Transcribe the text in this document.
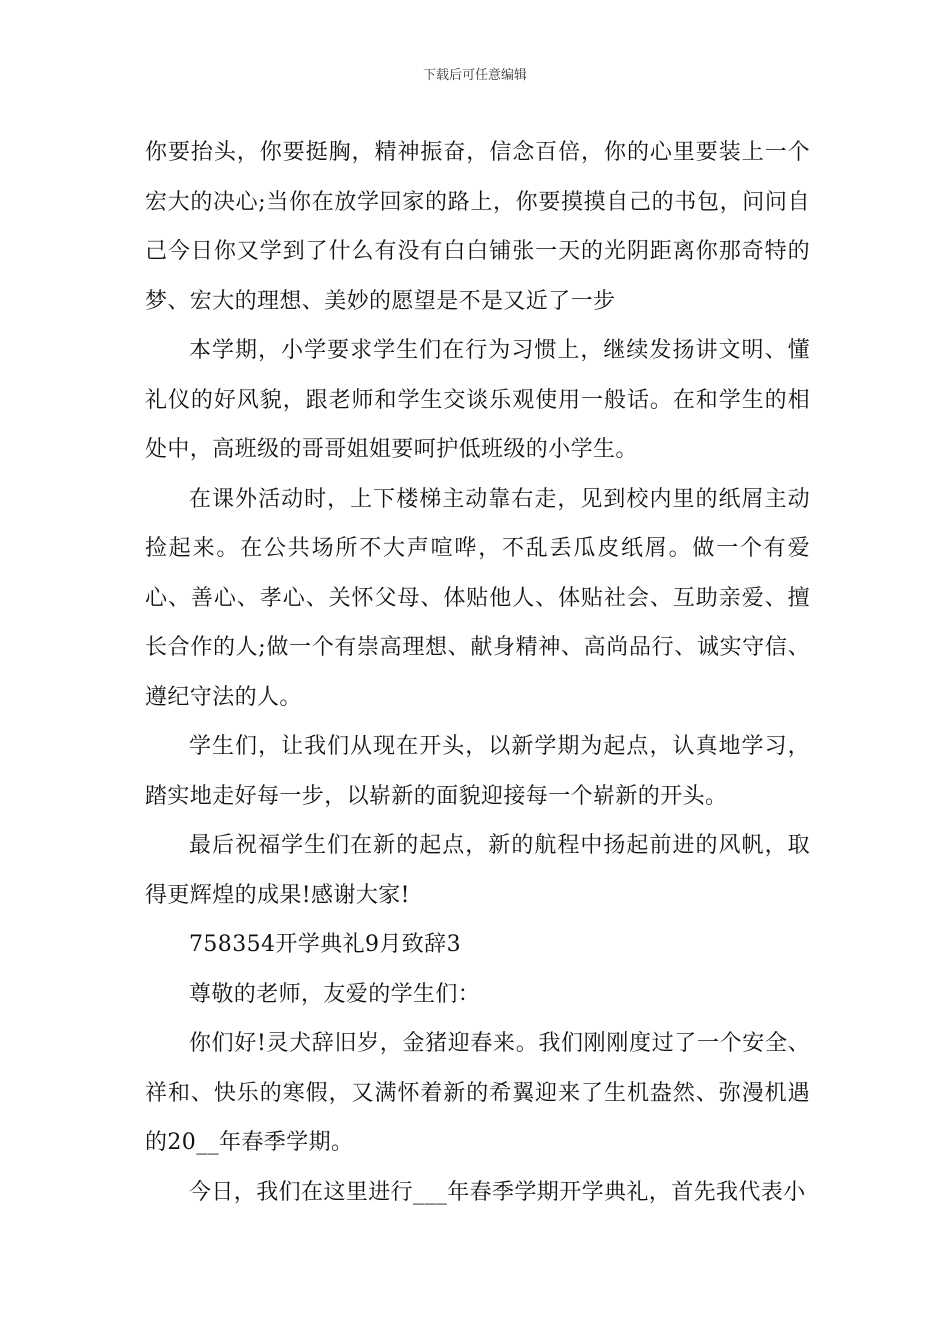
下载后可任意编辑

你要抬头，你要挺胸，精神振奋，信念百倍，你的心里要装上一个宏大的决心;当你在放学回家的路上，你要摸摸自己的书包，问问自己今日你又学到了什么有没有白白铺张一天的光阴距离你那奇特的梦、宏大的理想、美妙的愿望是不是又近了一步

本学期，小学要求学生们在行为习惯上，继续发扬讲文明、懂礼仪的好风貌，跟老师和学生交谈乐观使用一般话。在和学生的相处中，高班级的哥哥姐姐要呵护低班级的小学生。

在课外活动时，上下楼梯主动靠右走，见到校内里的纸屑主动捡起来。在公共场所不大声喧哗，不乱丢瓜皮纸屑。做一个有爱心、善心、孝心、关怀父母、体贴他人、体贴社会、互助亲爱、擅长合作的人;做一个有崇高理想、献身精神、高尚品行、诚实守信、遵纪守法的人。

学生们，让我们从现在开头，以新学期为起点，认真地学习，踏实地走好每一步，以崭新的面貌迎接每一个崭新的开头。

最后祝福学生们在新的起点，新的航程中扬起前进的风帆，取得更辉煌的成果!感谢大家!

758354开学典礼9月致辞3

尊敬的老师，友爱的学生们：

你们好!灵犬辞旧岁，金猪迎春来。我们刚刚度过了一个安全、祥和、快乐的寒假，又满怀着新的希翼迎来了生机盎然、弥漫机遇的20__年春季学期。

今日，我们在这里进行___年春季学期开学典礼，首先我代表小
